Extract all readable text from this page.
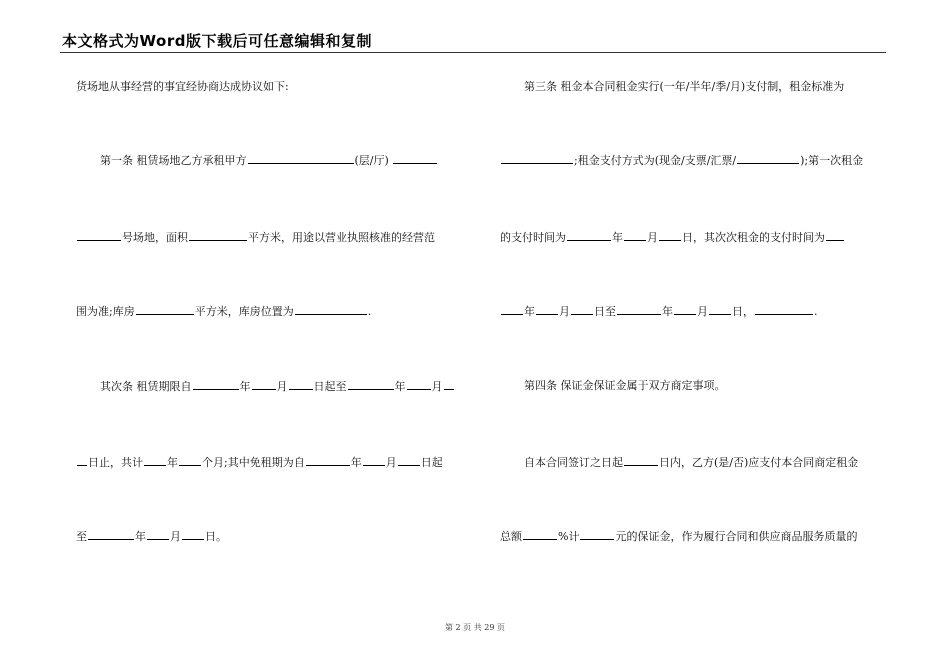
本文格式为Word版下载后可任意编辑和复制
货场地从事经营的事宜经协商达成协议如下:
第一条 租赁场地乙方承租甲方	(层/厅)
号场地，面积	平方米，用途以营业执照核准的经营范
围为准;库房	平方米，库房位置为	.
其次条 租赁期限自	年 月 日起至	年 月
日止，共计 年 个月;其中免租期为自	年 月 日起
至	年 月 日。
第三条 租金本合同租金实行(一年/半年/季/月)支付制，租金标准为
;租金支付方式为(现金/支票/汇票/	);第一次租金
的支付时间为	年 月 日，其次次租金的支付时间为
年 月 日至	年 月 日，	.
第四条 保证金保证金属于双方商定事项。
自本合同签订之日起	日内，乙方(是/否)应支付本合同商定租金
总额	%计	元的保证金，作为履行合同和供应商品服务质量的
第 2 页 共 29 页
